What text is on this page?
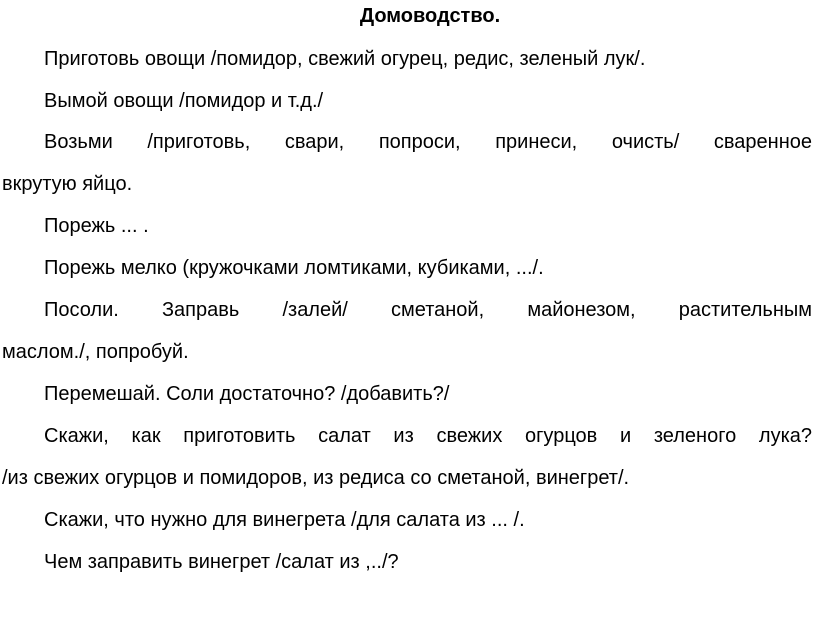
Домоводство.
Приготовь овощи /помидор, свежий огурец, редис, зеленый лук/.
Вымой овощи /помидор и т.д./
Возьми /приготовь, свари, попроси, принеси, очисть/ сваренное
вкрутую яйцо.
Порежь ... .
Порежь мелко (кружочками ломтиками, кубиками, .../.
Посоли. Заправь /залей/ сметаной, майонезом, растительным
маслом./, попробуй.
Перемешай. Соли достаточно? /добавить?/
Скажи, как приготовить салат из свежих огурцов и зеленого лука?
/из свежих огурцов и помидоров, из редиса со сметаной, винегрет/.
Скажи, что нужно для винегрета /для салата из ... /.
Чем заправить винегрет /салат из ,../?
